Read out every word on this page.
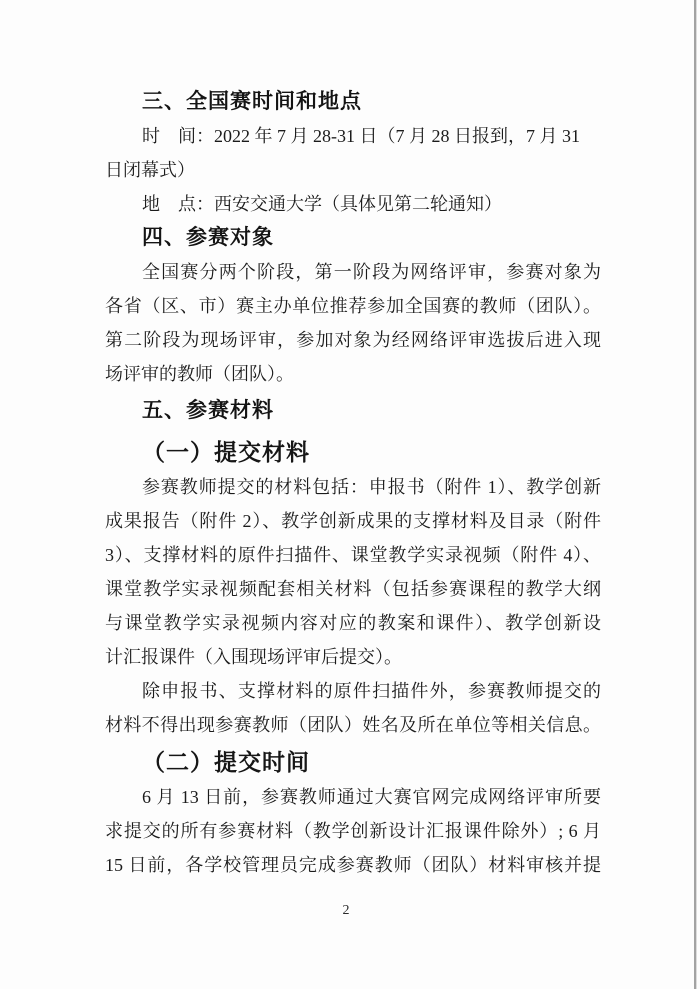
三、全国赛时间和地点
时　间：2022 年 7 月 28-31 日（7 月 28 日报到，7 月 31
日闭幕式）
地　点：西安交通大学（具体见第二轮通知）
四、参赛对象
全国赛分两个阶段，第一阶段为网络评审，参赛对象为
各省（区、市）赛主办单位推荐参加全国赛的教师（团队）。
第二阶段为现场评审，参加对象为经网络评审选拔后进入现
场评审的教师（团队）。
五、参赛材料
（一）提交材料
参赛教师提交的材料包括：申报书（附件 1）、教学创新
成果报告（附件 2）、教学创新成果的支撑材料及目录（附件
3）、支撑材料的原件扫描件、课堂教学实录视频（附件 4）、
课堂教学实录视频配套相关材料（包括参赛课程的教学大纲
与课堂教学实录视频内容对应的教案和课件）、教学创新设
计汇报课件（入围现场评审后提交）。
除申报书、支撑材料的原件扫描件外，参赛教师提交的
材料不得出现参赛教师（团队）姓名及所在单位等相关信息。
（二）提交时间
6 月 13 日前，参赛教师通过大赛官网完成网络评审所要
求提交的所有参赛材料（教学创新设计汇报课件除外）; 6 月
15 日前，各学校管理员完成参赛教师（团队）材料审核并提
2
